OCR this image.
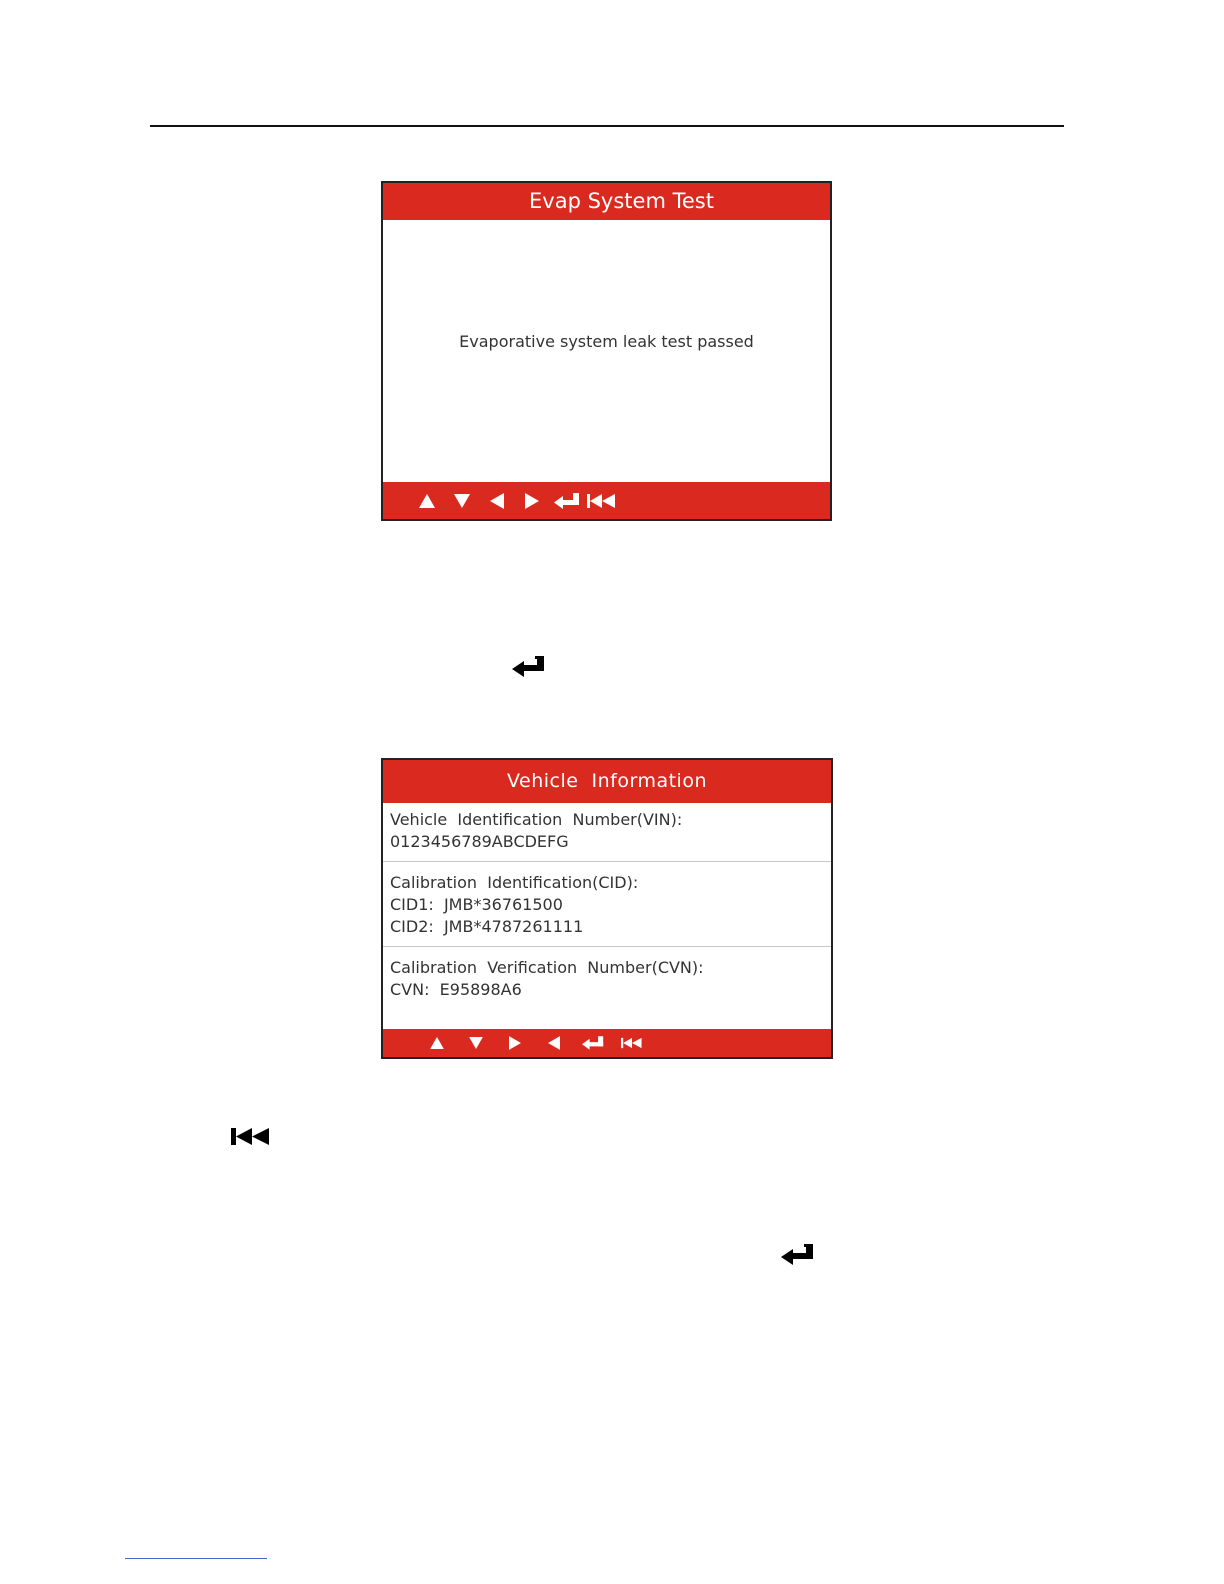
Evap System Test
Evaporative system leak test passed
Vehicle  Information
Vehicle  Identification  Number(VIN):
0123456789ABCDEFG
Calibration  Identification(CID):
CID1:  JMB*36761500
CID2:  JMB*4787261111
Calibration  Verification  Number(CVN):
CVN:  E95898A6
